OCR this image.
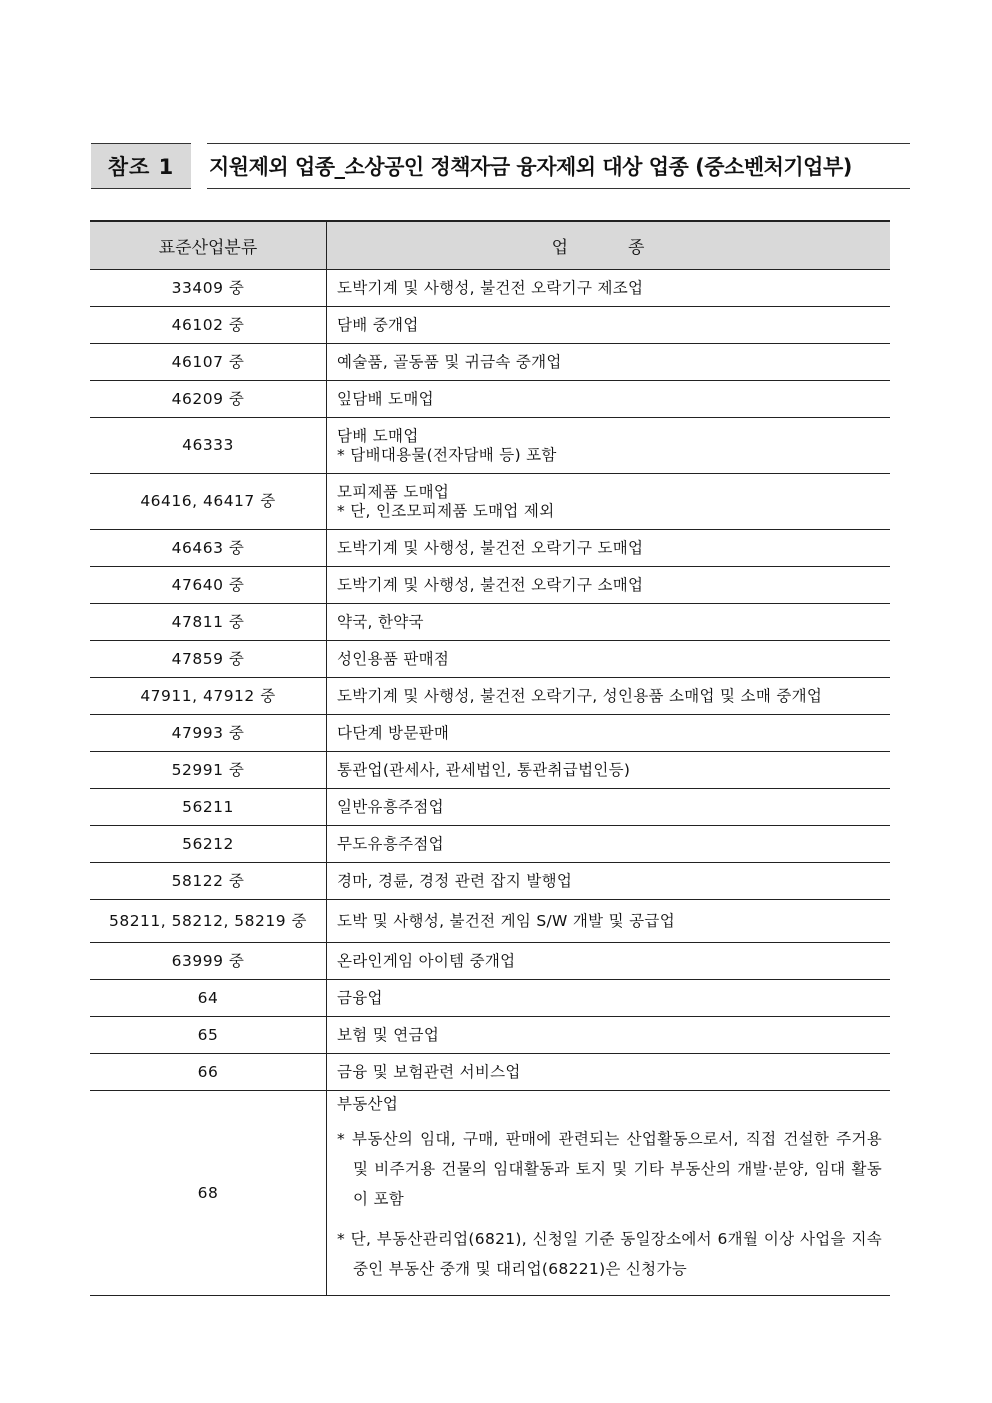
참조 1	지원제외 업종_소상공인 정책자금 융자제외 대상 업종 (중소벤처기업부)
표준산업분류	업종
33409 중	도박기계 및 사행성, 불건전 오락기구 제조업

46102 중	담배 중개업

46107 중	예술품, 골동품 및 귀금속 중개업

46209 중	잎담배 도매업

46333	담배 도매업
* 담배대용물(전자담배 등) 포함

46416, 46417 중	모피제품 도매업
* 단, 인조모피제품 도매업 제외

46463 중	도박기계 및 사행성, 불건전 오락기구 도매업

47640 중	도박기계 및 사행성, 불건전 오락기구 소매업

47811 중	약국, 한약국

47859 중	성인용품 판매점

47911, 47912 중	도박기계 및 사행성, 불건전 오락기구, 성인용품 소매업 및 소매 중개업

47993 중	다단계 방문판매

52991 중	통관업(관세사, 관세법인, 통관취급법인등)

56211	일반유흥주점업

56212	무도유흥주점업

58122 중	경마, 경륜, 경정 관련 잡지 발행업

58211, 58212, 58219 중	도박 및 사행성, 불건전 게임 S/W 개발 및 공급업

63999 중	온라인게임 아이템 중개업

64	금융업

65	보험 및 연금업

66	금융 및 보험관련 서비스업

68	부동산업
* 부동산의 임대, 구매, 판매에 관련되는 산업활동으로서, 직접 건설한 주거용 및 비주거용 건물의 임대활동과 토지 및 기타 부동산의 개발·분양, 임대 활동이 포함
* 단, 부동산관리업(6821), 신청일 기준 동일장소에서 6개월 이상 사업을 지속 중인 부동산 중개 및 대리업(68221)은 신청가능
